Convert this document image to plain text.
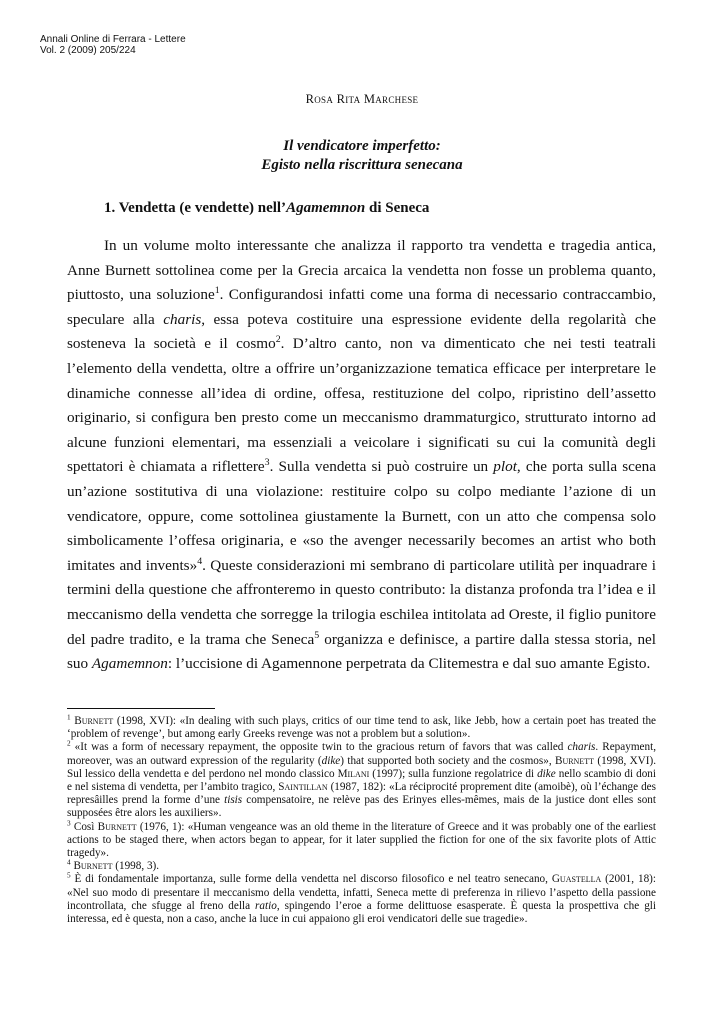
Annali Online di Ferrara - Lettere
Vol. 2 (2009) 205/224
Rosa Rita Marchese
Il vendicatore imperfetto:
Egisto nella riscrittura senecana
1. Vendetta (e vendette) nell’Agamemnon di Seneca

In un volume molto interessante che analizza il rapporto tra vendetta e tragedia antica, Anne Burnett sottolinea come per la Grecia arcaica la vendetta non fosse un problema quanto, piuttosto, una soluzione$^1$. Configurandosi infatti come una forma di necessario contraccambio, speculare alla charis, essa poteva costituire una espressione evidente della regolarità che sosteneva la società e il cosmo$^2$. D’altro canto, non va dimenticato che nei testi teatrali l’elemento della vendetta, oltre a offrire un’organizzazione tematica efficace per interpretare le dinamiche connesse all’idea di ordine, offesa, restituzione del colpo, ripristino dell’assetto originario, si configura ben presto come un meccanismo drammaturgico, strutturato intorno ad alcune funzioni elementari, ma essenziali a veicolare i significati su cui la comunità degli spettatori è chiamata a riflettere$^3$. Sulla vendetta si può costruire un plot, che porta sulla scena un’azione sostitutiva di una violazione: restituire colpo su colpo mediante l’azione di un vendicatore, oppure, come sottolinea giustamente la Burnett, con un atto che compensa solo simbolicamente l’offesa originaria, e «so the avenger necessarily becomes an artist who both imitates and invents»$^4$. Queste considerazioni mi sembrano di particolare utilità per inquadrare i termini della questione che affronteremo in questo contributo: la distanza profonda tra l’idea e il meccanismo della vendetta che sorregge la trilogia eschilea intitolata ad Oreste, il figlio punitore del padre tradito, e la trama che Seneca$^5$ organizza e definisce, a partire dalla stessa storia, nel suo Agamemnon: l’uccisione di Agamennone perpetrata da Clitemestra e dal suo amante Egisto.

$^1$ Burnett (1998, XVI): «In dealing with such plays, critics of our time tend to ask, like Jebb, how a certain poet has treated the ‘problem of revenge’, but among early Greeks revenge was not a problem but a solution».

$^2$ «It was a form of necessary repayment, the opposite twin to the gracious return of favors that was called charis. Repayment, moreover, was an outward expression of the regularity (dike) that supported both society and the cosmos», Burnett (1998, XVI). Sul lessico della vendetta e del perdono nel mondo classico Milani (1997); sulla funzione regolatrice di dike nello scambio di doni e nel sistema di vendetta, per l’ambito tragico, Saintillan (1987, 182): «La réciprocité proprement dite (amoibè), où l’échange des represâilles prend la forme d’une tisis compensatoire, ne relève pas des Erinyes elles-mêmes, mais de la justice dont elles sont supposées être alors les auxiliers».

$^3$ Così Burnett (1976, 1): «Human vengeance was an old theme in the literature of Greece and it was probably one of the earliest actions to be staged there, when actors began to appear, for it later supplied the fiction for one of the six favorite plots of Attic tragedy».

$^4$ Burnett (1998, 3).

$^5$ È di fondamentale importanza, sulle forme della vendetta nel discorso filosofico e nel teatro senecano, Guastella (2001, 18): «Nel suo modo di presentare il meccanismo della vendetta, infatti, Seneca mette di preferenza in rilievo l’aspetto della passione incontrollata, che sfugge al freno della ratio, spingendo l’eroe a forme delittuose esasperate. È questa la prospettiva che gli interessa, ed è questa, non a caso, anche la luce in cui appaiono gli eroi vendicatori delle sue tragedie».
